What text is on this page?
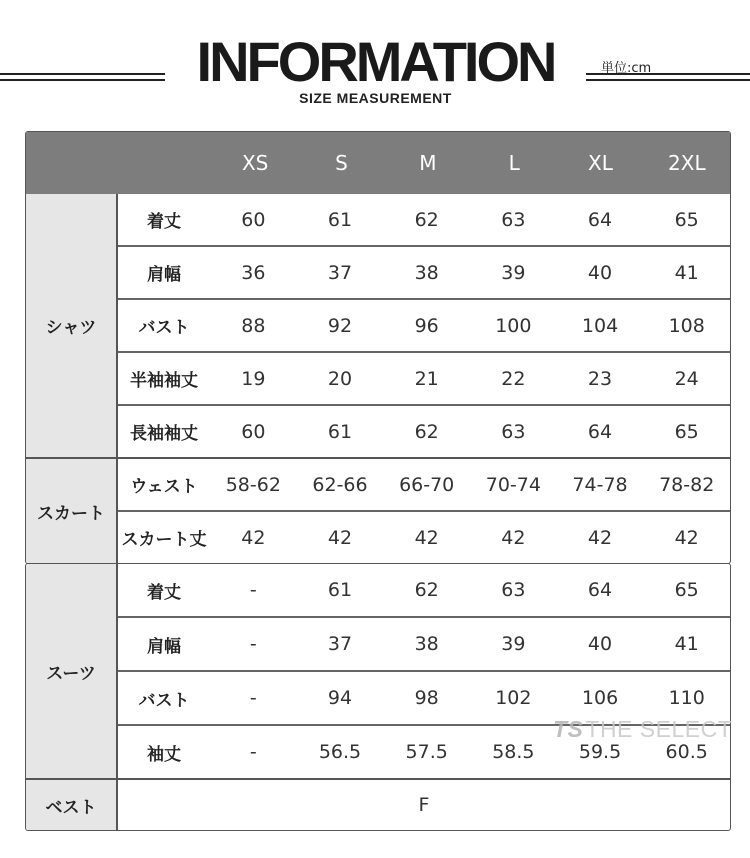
INFORMATION
SIZE MEASUREMENT
単位:cm
XS	S	M	L	XL	2XL
シャツ
着丈	60	61	62	63	64	65
肩幅	36	37	38	39	40	41
バスト	88	92	96	100	104	108
半袖袖丈	19	20	21	22	23	24
長袖袖丈	60	61	62	63	64	65
スカート
ウェスト	58-62	62-66	66-70	70-74	74-78	78-82
スカート丈	42	42	42	42	42	42
スーツ
着丈	-	61	62	63	64	65
肩幅	-	37	38	39	40	41
バスト	-	94	98	102	106	110
袖丈	-	56.5	57.5	58.5	59.5	60.5
ベスト	F
TSTHE SELECT
